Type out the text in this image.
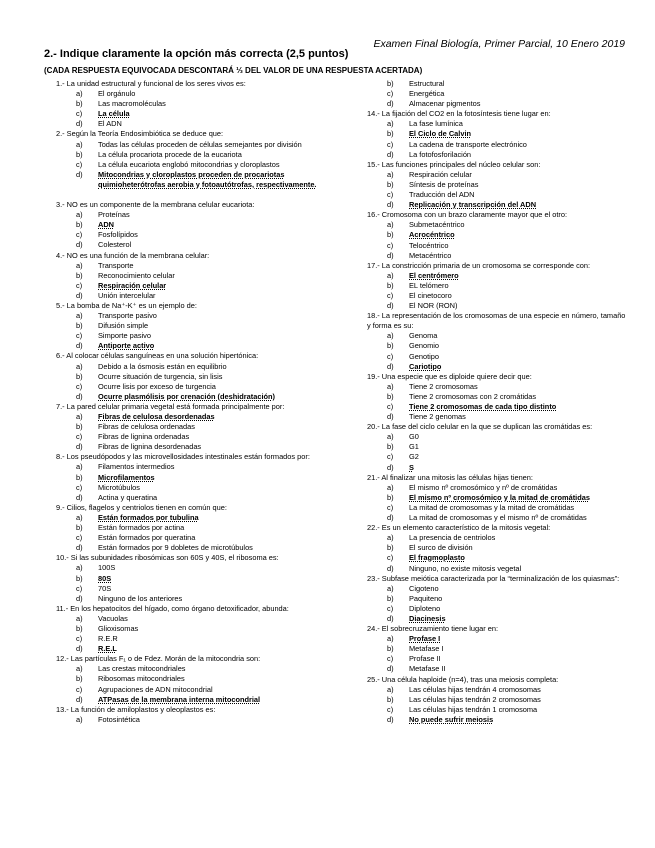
Examen Final Biología, Primer Parcial, 10 Enero 2019
2.- Indique claramente la opción más correcta (2,5 puntos)
(CADA RESPUESTA EQUIVOCADA DESCONTARÁ ⅓ DEL VALOR DE UNA RESPUESTA ACERTADA)
1.- La unidad estructural y funcional de los seres vivos es:
a)	El orgánulo
b)	Las macromoléculas
c)	La célula
d)	El ADN
2.- Según la Teoría Endosimbiótica se deduce que:
a)	Todas las células proceden de células semejantes por división
b)	La célula procariota procede de la eucariota
c)	La célula eucariota englobó mitocondrias y cloroplastos
d)	Mitocondrias y cloroplastos proceden de procariotas quimioheterótrofas aerobia y fotoautótrofas, respectivamente.
3.- NO es un componente de la membrana celular eucariota:
a)	Proteínas
b)	ADN
c)	Fosfolípidos
d)	Colesterol
4.- NO es una función de la membrana celular:
a)	Transporte
b)	Reconocimiento celular
c)	Respiración celular
d)	Unión intercelular
5.- La bomba de Na⁺-K⁺ es un ejemplo de:
a)	Transporte pasivo
b)	Difusión simple
c)	Simporte pasivo
d)	Antiporte activo
6.- Al colocar células sanguíneas en una solución hipertónica:
a)	Debido a la ósmosis están en equilibrio
b)	Ocurre situación de turgencia, sin lisis
c)	Ocurre lisis por exceso de turgencia
d)	Ocurre plasmólisis por crenación (deshidratación)
7.- La pared celular primaria vegetal está formada principalmente por:
a)	Fibras de celulosa desordenadas
b)	Fibras de celulosa ordenadas
c)	Fibras de lignina ordenadas
d)	Fibras de lignina desordenadas
8.- Los pseudópodos y las microvellosidades intestinales están formados por:
a)	Filamentos intermedios
b)	Microfilamentos
c)	Microtúbulos
d)	Actina y queratina
9.- Cilios, flagelos y centriolos tienen en común que:
a)	Están formados por tubulina
b)	Están formados por actina
c)	Están formados por queratina
d)	Están formados por 9 dobletes de microtúbulos
10.- Si las subunidades ribosómicas son 60S y 40S, el ribosoma es:
a)	100S
b)	80S
c)	70S
d)	Ninguno de los anteriores
11.- En los hepatocitos del hígado, como órgano detoxificador, abunda:
a)	Vacuolas
b)	Glioxisomas
c)	R.E.R
d)	R.E.L
12.- Las partículas F₁ o de Fdez. Morán de la mitocondria son:
a)	Las crestas mitocondriales
b)	Ribosomas mitocondriales
c)	Agrupaciones de ADN mitocondrial
d)	ATPasas de la membrana interna mitocondrial
13.- La función de amiloplastos y oleoplastos es:
a)	Fotosintética
b)	Estructural
c)	Energética
d)	Almacenar pigmentos
14.- La fijación del CO2 en la fotosíntesis tiene lugar en:
a)	La fase lumínica
b)	El Ciclo de Calvin
c)	La cadena de transporte electrónico
d)	La fotofosforilación
15.- Las funciones principales del núcleo celular son:
a)	Respiración celular
b)	Síntesis de proteínas
c)	Traducción del ADN
d)	Replicación y transcripción del ADN
16.- Cromosoma con un brazo claramente mayor que el otro:
a)	Submetacéntrico
b)	Acrocéntrico
c)	Telocéntrico
d)	Metacéntrico
17.- La constricción primaria de un cromosoma se corresponde con:
a)	El centrómero
b)	EL telómero
c)	El cinetocoro
d)	El NOR (RON)
18.- La representación de los cromosomas de una especie en número, tamaño y forma es su:
a)	Genoma
b)	Genomio
c)	Genotipo
d)	Cariotipo
19.- Una especie que es diploide quiere decir que:
a)	Tiene 2 cromosomas
b)	Tiene 2 cromosomas con 2 cromátidas
c)	Tiene 2 cromosomas de cada tipo distinto
d)	Tiene 2 genomas
20.- La fase del ciclo celular en la que se duplican las cromátidas es:
a)	G0
b)	G1
c)	G2
d)	S
21.- Al finalizar una mitosis las células hijas tienen:
a)	El mismo nº cromosómico y nº de cromátidas
b)	El mismo nº cromosómico y la mitad de cromátidas
c)	La mitad de cromosomas y la mitad de cromátidas
d)	La mitad de cromosomas y el mismo nº de cromátidas
22.- Es un elemento característico de la mitosis vegetal:
a)	La presencia de centriolos
b)	El surco de división
c)	El fragmoplasto
d)	Ninguno, no existe mitosis vegetal
23.- Subfase meiótica caracterizada por la “terminalización de los quiasmas”:
a)	Cigoteno
b)	Paquiteno
c)	Diploteno
d)	Diacinesis
24.- El sobrecruzamiento tiene lugar en:
a)	Profase I
b)	Metafase I
c)	Profase II
d)	Metafase II
25.- Una célula haploide (n=4), tras una meiosis completa:
a)	Las células hijas tendrán 4 cromosomas
b)	Las células hijas tendrán 2 cromosomas
c)	Las células hijas tendrán 1 cromosoma
d)	No puede sufrir meiosis
